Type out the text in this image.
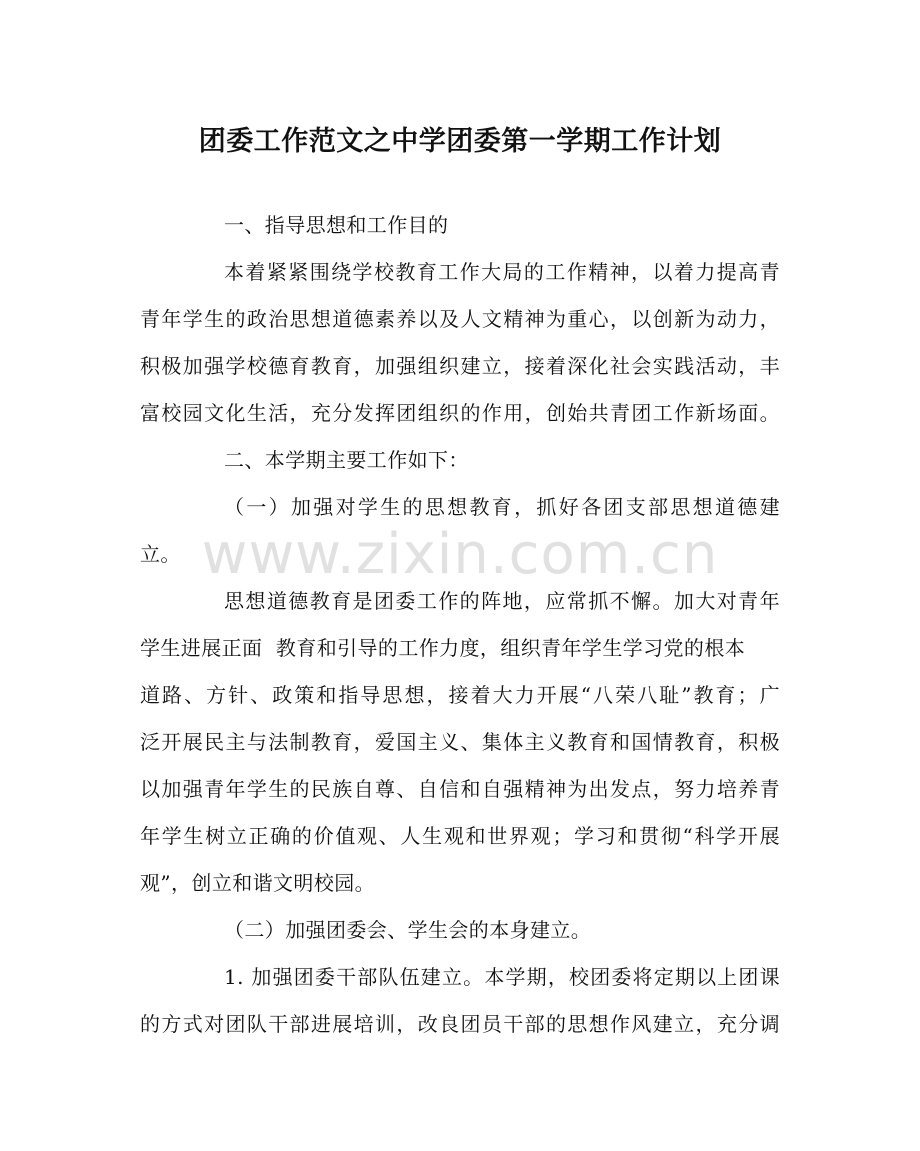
团委工作范文之中学团委第一学期工作计划
一、指导思想和工作目的
本着紧紧围绕学校教育工作大局的工作精神，以着力提高青
青年学生的政治思想道德素养以及人文精神为重心，以创新为动力，
积极加强学校德育教育，加强组织建立，接着深化社会实践活动，丰
富校园文化生活，充分发挥团组织的作用，创始共青团工作新场面。
二、本学期主要工作如下：
（一）加强对学生的思想教育，抓好各团支部思想道德建
立。
思想道德教育是团委工作的阵地，应常抓不懈。加大对青年
学生进展正面  教育和引导的工作力度，组织青年学生学习党的根本
道路、方针、政策和指导思想，接着大力开展“八荣八耻”教育；广
泛开展民主与法制教育，爱国主义、集体主义教育和国情教育，积极
以加强青年学生的民族自尊、自信和自强精神为出发点，努力培养青
年学生树立正确的价值观、人生观和世界观；学习和贯彻“科学开展
观”，创立和谐文明校园。
（二）加强团委会、学生会的本身建立。
1. 加强团委干部队伍建立。本学期，校团委将定期以上团课
的方式对团队干部进展培训，改良团员干部的思想作风建立，充分调
www.zixin.com.cn
